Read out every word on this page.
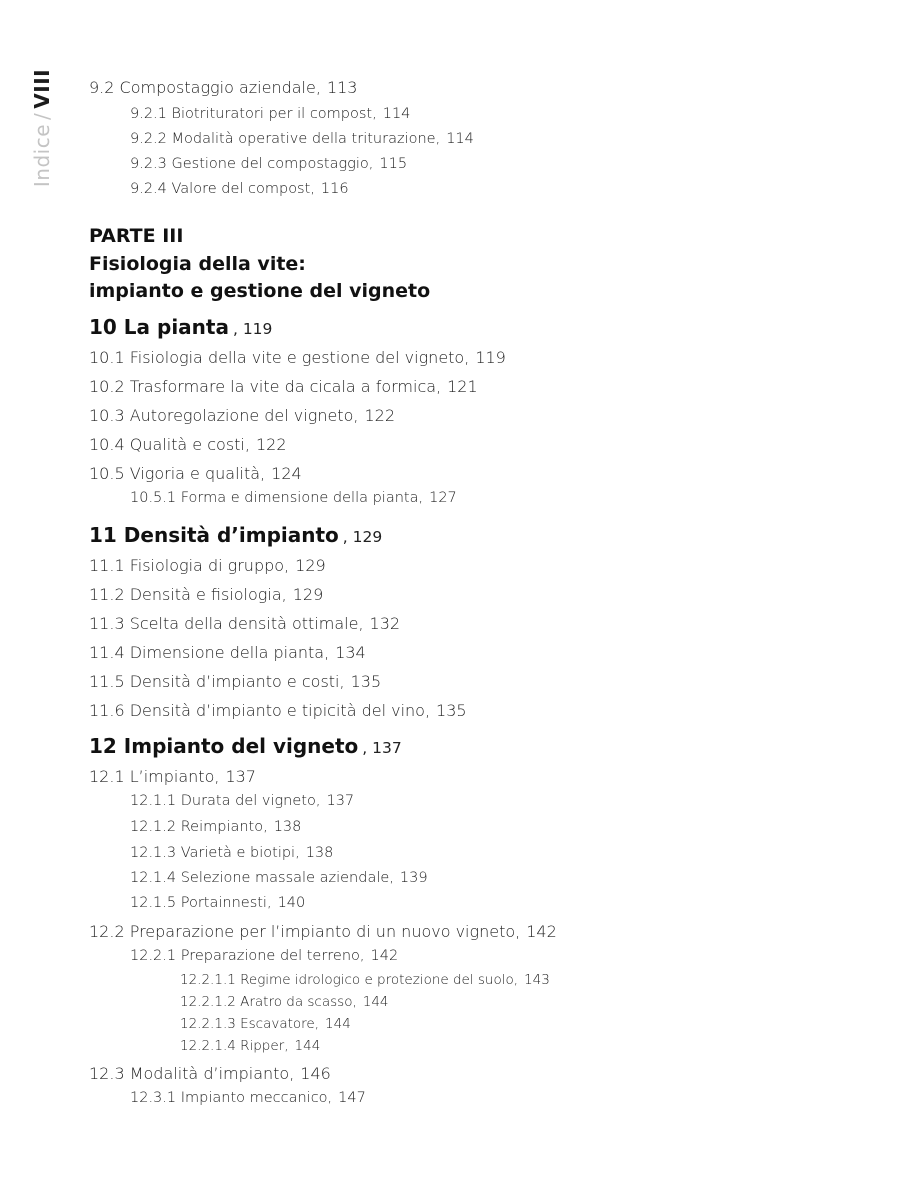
Indice/VIII 9.2 Compostaggio aziendale, 113
9.2.1 Biotrituratori per il compost, 114
9.2.2 Modalità operative della triturazione, 114
9.2.3 Gestione del compostaggio, 115
9.2.4 Valore del compost, 116
PARTE III
Fisiologia della vite:
impianto e gestione del vigneto
10 La pianta , 119
10.1 Fisiologia della vite e gestione del vigneto, 119
10.2 Trasformare la vite da cicala a formica, 121
10.3 Autoregolazione del vigneto, 122
10.4 Qualità e costi, 122
10.5 Vigoria e qualità, 124
10.5.1 Forma e dimensione della pianta, 127
11 Densità d’impianto , 129
11.1 Fisiologia di gruppo, 129
11.2 Densità e fisiologia, 129
11.3 Scelta della densità ottimale, 132
11.4 Dimensione della pianta, 134
11.5 Densità d’impianto e costi, 135
11.6 Densità d’impianto e tipicità del vino, 135
12 Impianto del vigneto , 137
12.1 L’impianto, 137
12.1.1 Durata del vigneto, 137
12.1.2 Reimpianto, 138
12.1.3 Varietà e biotipi, 138
12.1.4 Selezione massale aziendale, 139
12.1.5 Portainnesti, 140
12.2 Preparazione per l’impianto di un nuovo vigneto, 142
12.2.1 Preparazione del terreno, 142
12.2.1.1 Regime idrologico e protezione del suolo, 143
12.2.1.2 Aratro da scasso, 144
12.2.1.3 Escavatore, 144
12.2.1.4 Ripper, 144
12.3 Modalità d’impianto, 146
12.3.1 Impianto meccanico, 147
